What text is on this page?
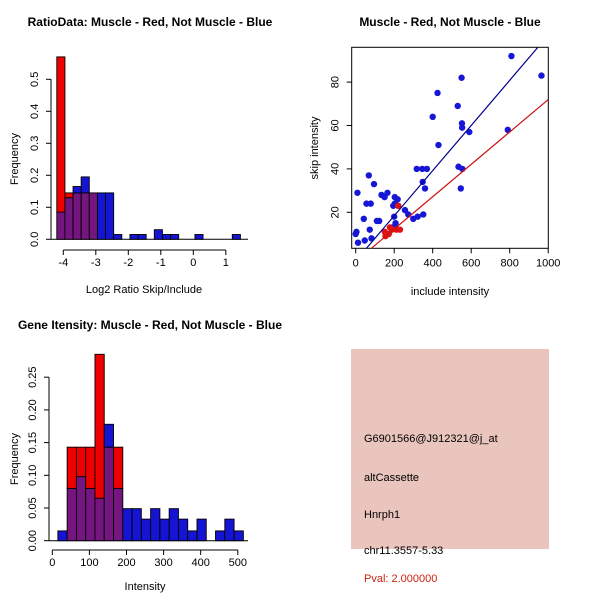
RatioData: Muscle - Red, Not Muscle - Blue
0.0
0.1
0.2
0.3
0.4
0.5
-4 -3 -2 -1 0 1
Log2 Ratio Skip/Include
Frequency
Muscle - Red, Not Muscle - Blue
0 200 400 600 800 1000
20
40
60
80
include intensity
skip intensity
Gene Itensity: Muscle - Red, Not Muscle - Blue
0.00
0.05
0.10
0.15
0.20
0.25
0 100 200 300 400 500
Intensity
Frequency	G6901566@J912321@j_at
altCassette
Hnrph1
chr11.3557-5.33
Pval: 2.000000
